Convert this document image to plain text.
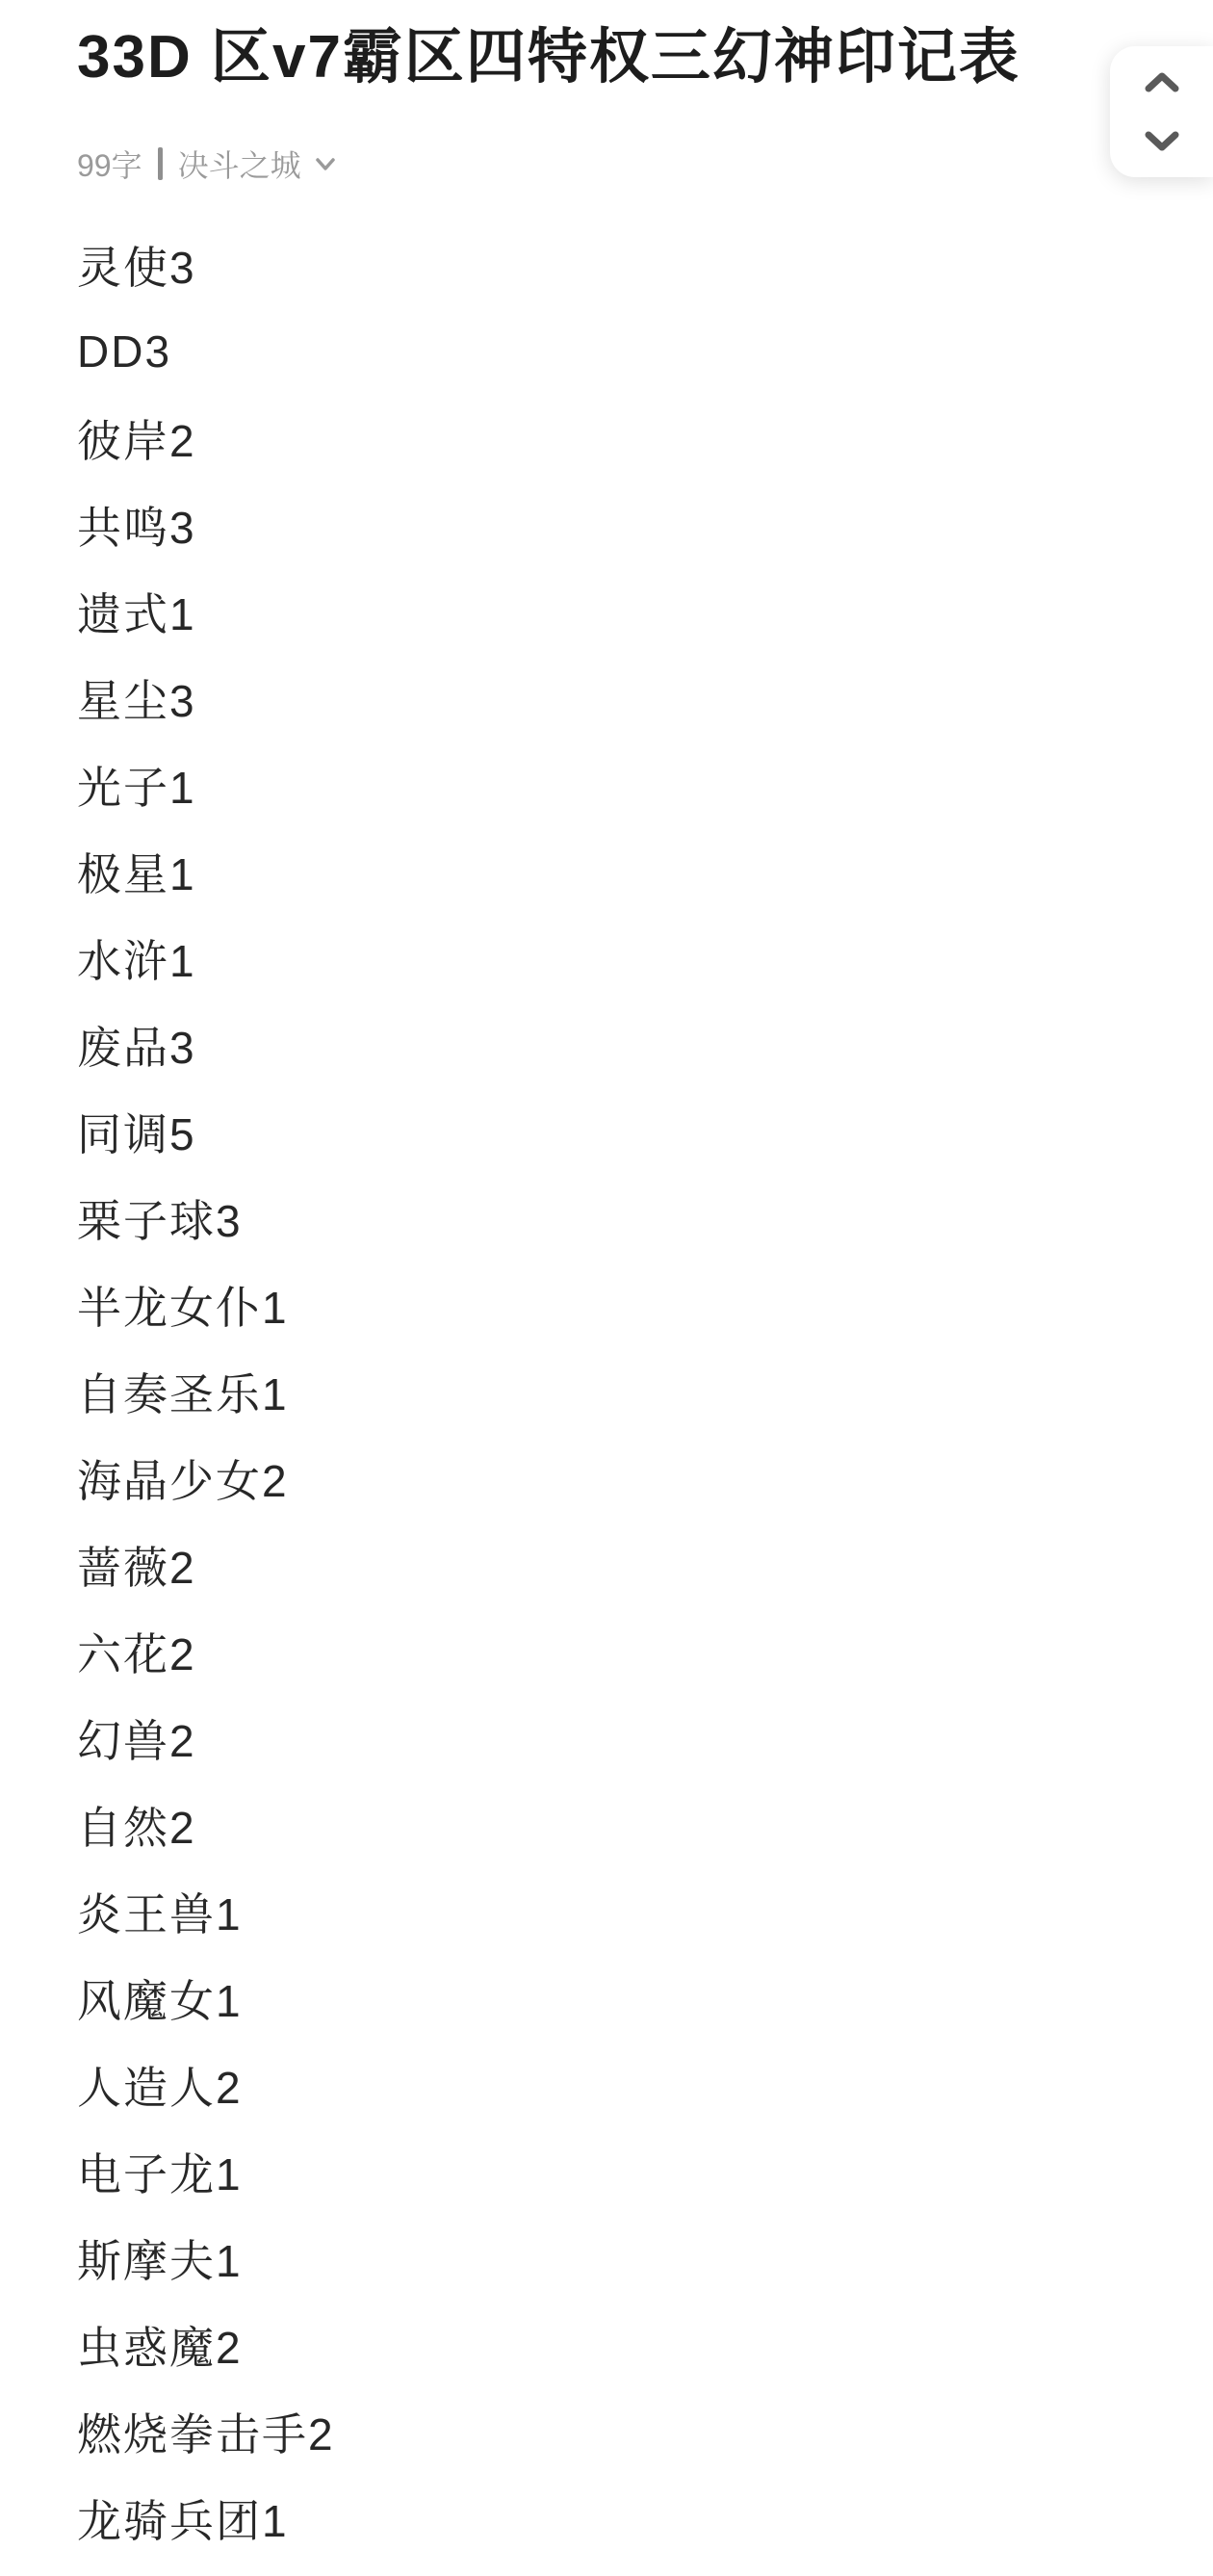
33D 区v7霸区四特权三幻神印记表
99字 决斗之城
灵使3
DD3
彼岸2
共鸣3
遗式1
星尘3
光子1
极星1
水浒1
废品3
同调5
栗子球3
半龙女仆1
自奏圣乐1
海晶少女2
蔷薇2
六花2
幻兽2
自然2
炎王兽1
风魔女1
人造人2
电子龙1
斯摩夫1
虫惑魔2
燃烧拳击手2
龙骑兵团1
